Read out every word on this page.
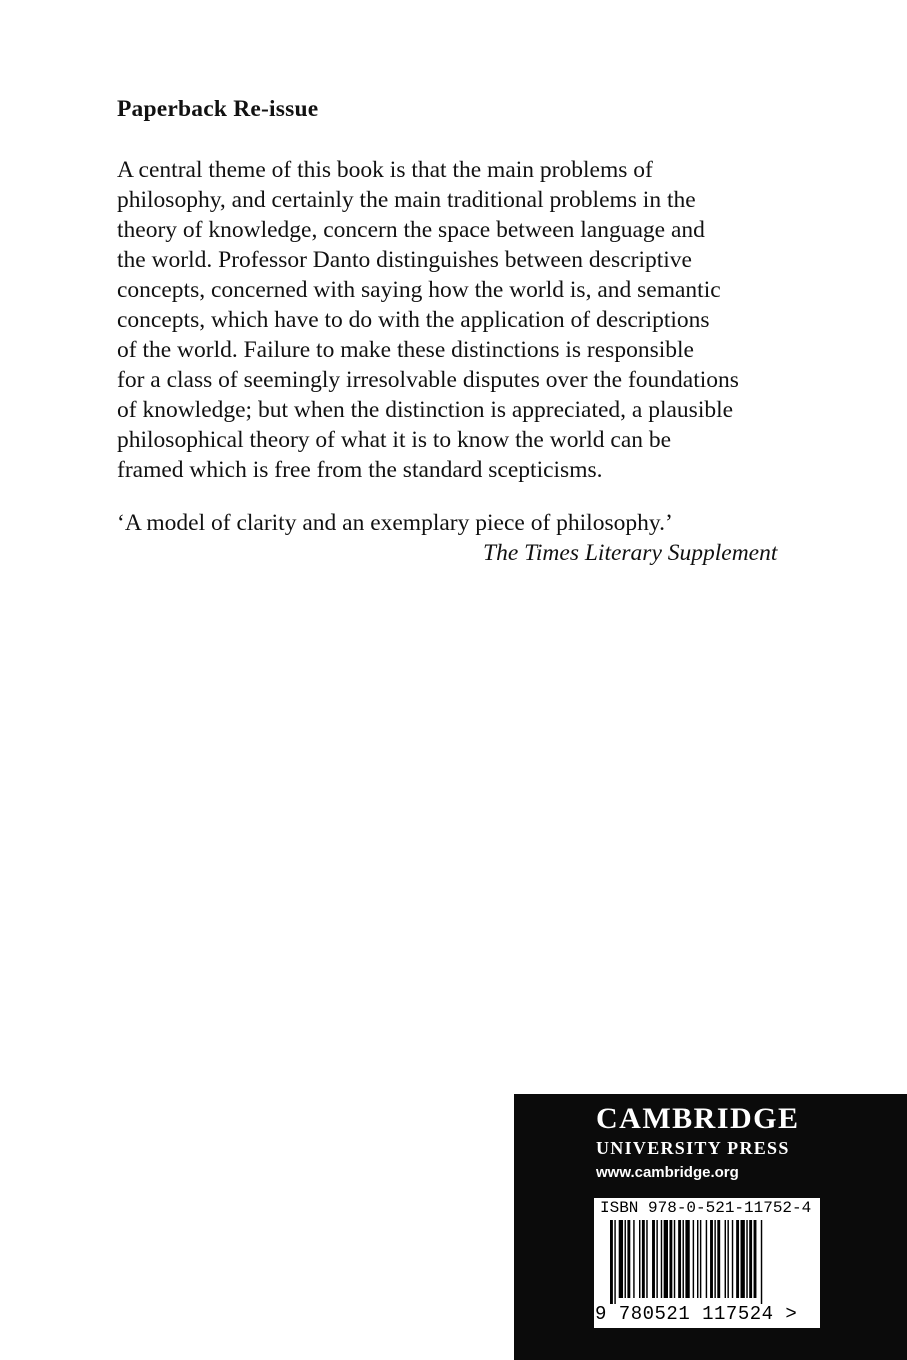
Paperback Re-issue
A central theme of this book is that the main problems of
philosophy, and certainly the main traditional problems in the
theory of knowledge, concern the space between language and
the world. Professor Danto distinguishes between descriptive
concepts, concerned with saying how the world is, and semantic
concepts, which have to do with the application of descriptions
of the world. Failure to make these distinctions is responsible
for a class of seemingly irresolvable disputes over the foundations
of knowledge; but when the distinction is appreciated, a plausible
philosophical theory of what it is to know the world can be
framed which is free from the standard scepticisms.
‘A model of clarity and an exemplary piece of philosophy.’
The Times Literary Supplement
CAMBRIDGE
UNIVERSITY PRESS
www.cambridge.org
ISBN 978-0-521-11752-4
9 780521 117524 >
